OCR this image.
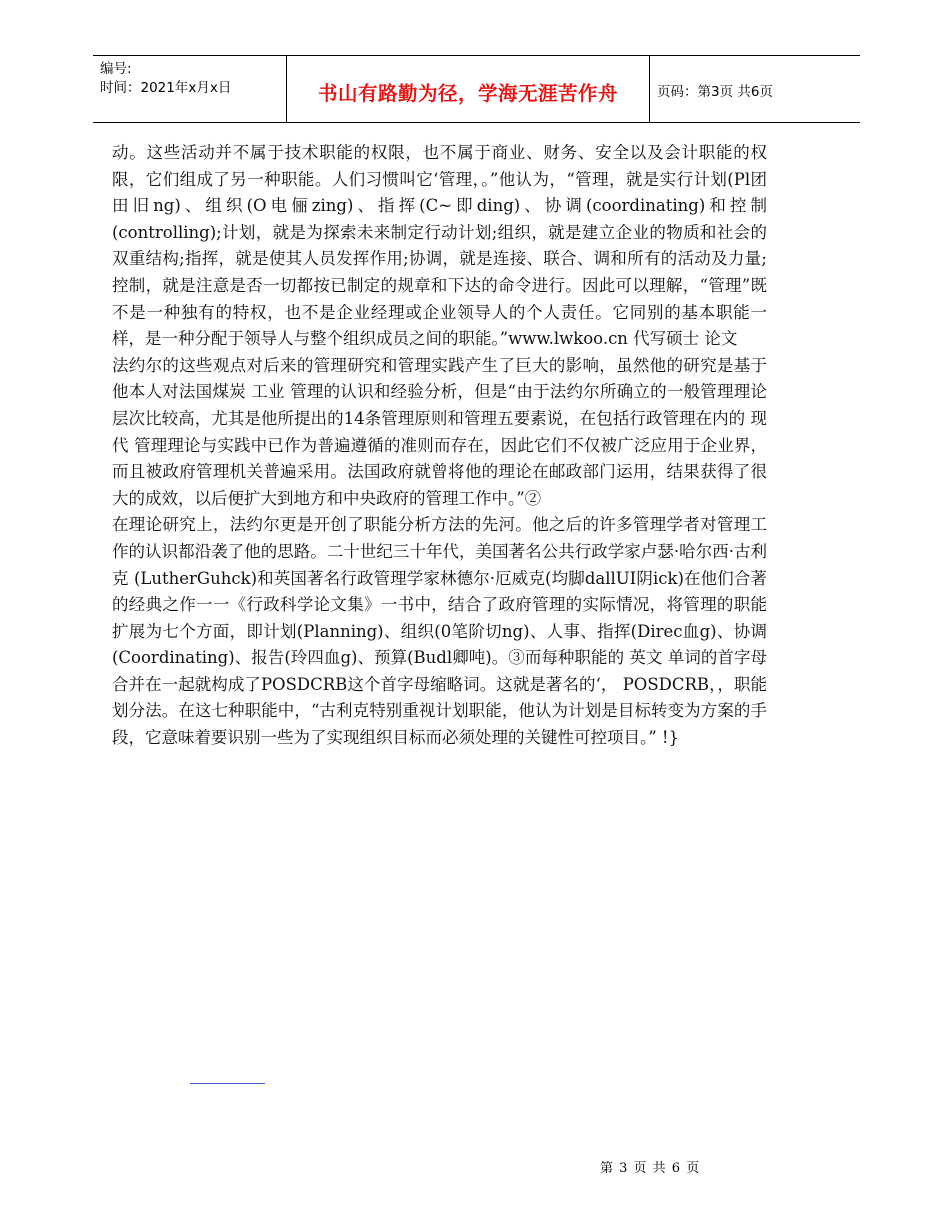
编号:
时间：2021年x月x日	书山有路勤为径，学海无涯苦作舟	页码：第3页 共6页

动。这些活动并不属于技术职能的权限，也不属于商业、财务、安全以及会计职能的权限，它们组成了另一种职能。人们习惯叫它‘管理，。”他认为，“管理，就是实行计划(Pl团田旧ng)、组织(O电俪zing)、指挥(C~即ding)、协调(coordinating)和控制(controlling);计划，就是为探索未来制定行动计划;组织，就是建立企业的物质和社会的双重结构;指挥，就是使其人员发挥作用;协调，就是连接、联合、调和所有的活动及力量;控制，就是注意是否一切都按已制定的规章和下达的命令进行。因此可以理解，“管理”既不是一种独有的特权，也不是企业经理或企业领导人的个人责任。它同别的基本职能一样，是一种分配于领导人与整个组织成员之间的职能。”www.lwkoo.cn 代写硕士 论文

法约尔的这些观点对后来的管理研究和管理实践产生了巨大的影响，虽然他的研究是基于他本人对法国煤炭 工业 管理的认识和经验分析，但是“由于法约尔所确立的一般管理理论层次比较高，尤其是他所提出的14条管理原则和管理五要素说，在包括行政管理在内的 现代 管理理论与实践中已作为普遍遵循的准则而存在，因此它们不仅被广泛应用于企业界，而且被政府管理机关普遍采用。法国政府就曾将他的理论在邮政部门运用，结果获得了很大的成效，以后便扩大到地方和中央政府的管理工作中。”②

在理论研究上，法约尔更是开创了职能分析方法的先河。他之后的许多管理学者对管理工作的认识都沿袭了他的思路。二十世纪三十年代，美国著名公共行政学家卢瑟·哈尔西·古利克 (LutherGuhck)和英国著名行政管理学家林德尔·厄威克(均脚dallUI阴ick)在他们合著的经典之作一一《行政科学论文集》一书中，结合了政府管理的实际情况，将管理的职能扩展为七个方面，即计划(Planning)、组织(0笔阶切ng)、人事、指挥(Direc血g)、协调(Coordinating)、报告(玲四血g)、预算(Budl卿吨)。③而每种职能的 英文 单词的首字母合并在一起就构成了POSDCRB这个首字母缩略词。这就是著名的‘， POSDCRB，，职能划分法。在这七种职能中，“古利克特别重视计划职能，他认为计划是目标转变为方案的手段，它意味着要识别一些为了实现组织目标而必须处理的关键性可控项目。” !}

第 3 页 共 6 页
